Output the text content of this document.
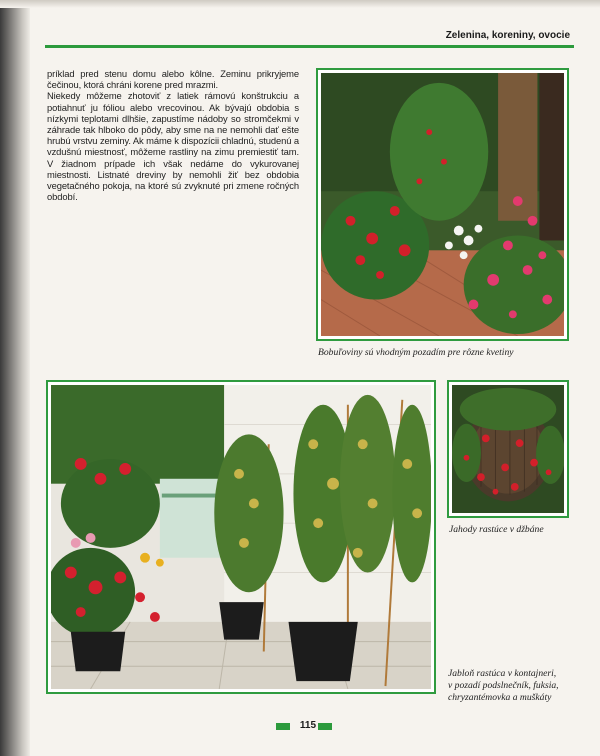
Zelenina, koreniny, ovocie

príklad pred stenu domu alebo kôlne. Zeminu prikryjeme čečinou, ktorá chráni korene pred mrazmi.

Niekedy môžeme zhotoviť z latiek rámovú konštrukciu a potiahnuť ju fóliou alebo vrecovinou. Ak bývajú obdobia s nízkymi teplotami dlhšie, zapustíme nádoby so stromčekmi v záhrade tak hlboko do pôdy, aby sme na ne nemohli dať ešte hrubú vrstvu zeminy. Ak máme k dispozícii chladnú, studenú a vzdušnú miestnosť, môžeme rastliny na zimu premiestiť tam. V žiadnom prípade ich však nedáme do vykurovanej miestnosti. Listnaté dreviny by nemohli žiť bez obdobia vegetačného pokoja, na ktoré sú zvyknuté pri zmene ročných období.

Bobuľoviny sú vhodným pozadím pre rôzne kvetiny
Jahody rastúce v džbáne
Jabloň rastúca v kontajneri,
v pozadí podslnečník, fuksia,
chryzantémovka a muškáty
115
